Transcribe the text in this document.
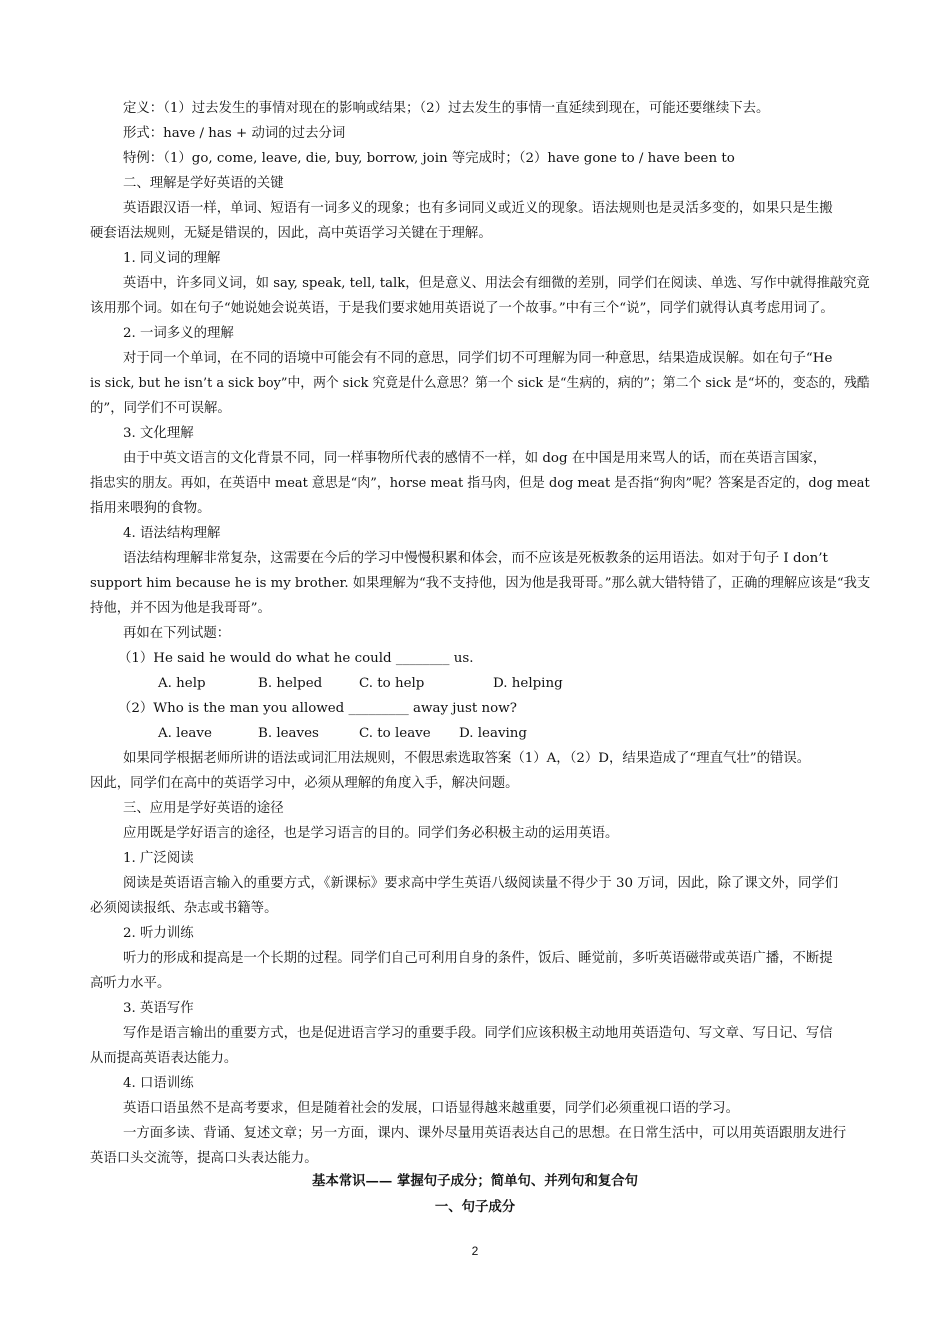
定义：（1）过去发生的事情对现在的影响或结果；（2）过去发生的事情一直延续到现在，可能还要继续下去。
形式：have / has + 动词的过去分词
特例：（1）go, come, leave, die, buy, borrow, join 等完成时；（2）have gone to / have been to
二、理解是学好英语的关键
英语跟汉语一样，单词、短语有一词多义的现象；也有多词同义或近义的现象。语法规则也是灵活多变的，如果只是生搬
硬套语法规则，无疑是错误的，因此，高中英语学习关键在于理解。
1. 同义词的理解
英语中，许多同义词，如 say, speak, tell, talk，但是意义、用法会有细微的差别，同学们在阅读、单选、写作中就得推敲究竟
该用那个词。如在句子“她说她会说英语，于是我们要求她用英语说了一个故事。”中有三个“说”，同学们就得认真考虑用词了。
2. 一词多义的理解
对于同一个单词，在不同的语境中可能会有不同的意思，同学们切不可理解为同一种意思，结果造成误解。如在句子“He
is sick, but he isn’t a sick boy”中，两个 sick 究竟是什么意思？第一个 sick 是“生病的，病的”；第二个 sick 是“坏的，变态的，残酷
的”，同学们不可误解。
3. 文化理解
由于中英文语言的文化背景不同，同一样事物所代表的感情不一样，如 dog 在中国是用来骂人的话，而在英语言国家，
指忠实的朋友。再如，在英语中 meat 意思是“肉”，horse meat 指马肉，但是 dog meat 是否指“狗肉”呢？答案是否定的，dog meat
指用来喂狗的食物。
4. 语法结构理解
语法结构理解非常复杂，这需要在今后的学习中慢慢积累和体会，而不应该是死板教条的运用语法。如对于句子 I don’t
support him because he is my brother. 如果理解为“我不支持他，因为他是我哥哥。”那么就大错特错了，正确的理解应该是“我支
持他，并不因为他是我哥哥”。
再如在下列试题：
（1）He said he would do what he could ________ us.
A. help	B. helped	C. to help	D. helping
（2）Who is the man you allowed _________ away just now?
A. leave	B. leaves	C. to leave D. leaving
如果同学根据老师所讲的语法或词汇用法规则，不假思索选取答案（1）A，（2）D，结果造成了“理直气壮”的错误。
因此，同学们在高中的英语学习中，必须从理解的角度入手，解决问题。
三、应用是学好英语的途径
应用既是学好语言的途径，也是学习语言的目的。同学们务必积极主动的运用英语。
1. 广泛阅读
阅读是英语语言输入的重要方式，《新课标》要求高中学生英语八级阅读量不得少于 30 万词，因此，除了课文外，同学们
必须阅读报纸、杂志或书籍等。
2. 听力训练
听力的形成和提高是一个长期的过程。同学们自己可利用自身的条件，饭后、睡觉前，多听英语磁带或英语广播，不断提
高听力水平。
3. 英语写作
写作是语言输出的重要方式，也是促进语言学习的重要手段。同学们应该积极主动地用英语造句、写文章、写日记、写信
从而提高英语表达能力。
4. 口语训练
英语口语虽然不是高考要求，但是随着社会的发展，口语显得越来越重要，同学们必须重视口语的学习。
一方面多读、背诵、复述文章；另一方面，课内、课外尽量用英语表达自己的思想。在日常生活中，可以用英语跟朋友进行
英语口头交流等，提高口头表达能力。
基本常识—— 掌握句子成分；简单句、并列句和复合句
一、句子成分
2
